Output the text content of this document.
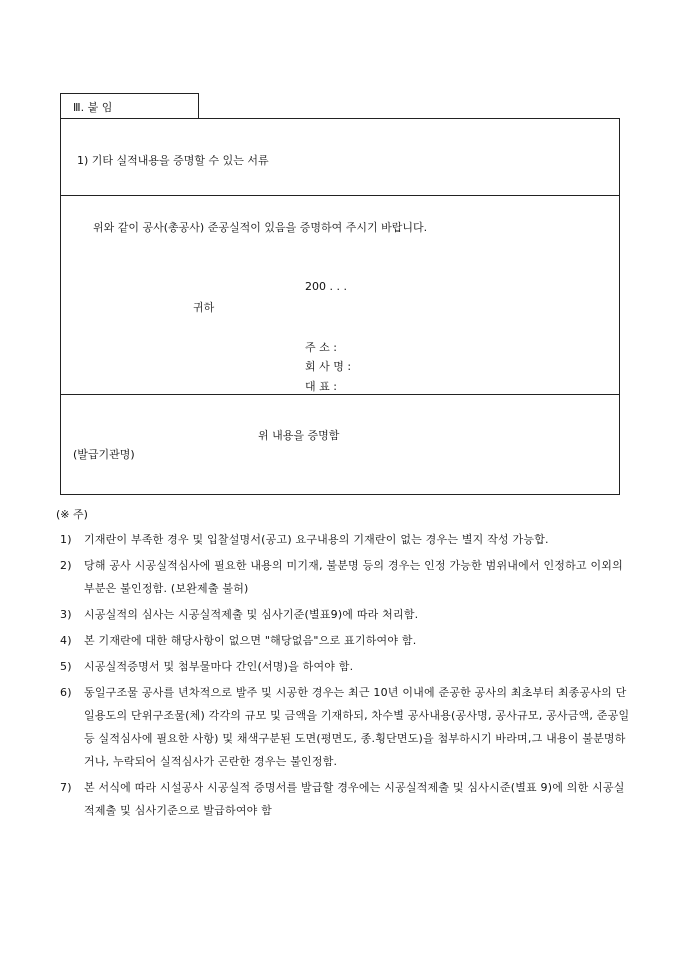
Ⅲ. 붙 임
1) 기타 실적내용을 증명할 수 있는 서류
위와 같이 공사(총공사) 준공실적이 있음을 증명하여 주시기 바랍니다.
200 . . .
귀하
주 소 :
회 사 명 :
대 표 :
위 내용을 증명함
(발급기관명)
(※ 주)
1) 기재란이 부족한 경우 및 입찰설명서(공고) 요구내용의 기재란이 없는 경우는 별지 작성 가능합.
2) 당해 공사 시공실적심사에 필요한 내용의 미기재, 불분명 등의 경우는 인정 가능한 범위내에서 인정하고 이외의 부분은 불인정함. (보완제출 불허)
3) 시공실적의 심사는 시공실적제출 및 심사기준(별표9)에 따라 처리함.
4) 본 기재란에 대한 해당사항이 없으면 "해당없음"으로 표기하여야 함.
5) 시공실적증명서 및 첨부물마다 간인(서명)을 하여야 함.
6) 동일구조물 공사를 년차적으로 발주 및 시공한 경우는 최근 10년 이내에 준공한 공사의 최초부터 최종공사의 단일용도의 단위구조물(체) 각각의 규모 및 금액을 기재하되, 차수별 공사내용(공사명, 공사규모, 공사금액, 준공일등 실적심사에 필요한 사항) 및 채색구분된 도면(평면도, 종.횡단면도)을 첨부하시기 바라며,그 내용이 불분명하거나, 누락되어 실적심사가 곤란한 경우는 불인정함.
7) 본 서식에 따라 시설공사 시공실적 증명서를 발급할 경우에는 시공실적제출 및 심사시준(별표 9)에 의한 시공실적제출 및 심사기준으로 발급하여야 함
